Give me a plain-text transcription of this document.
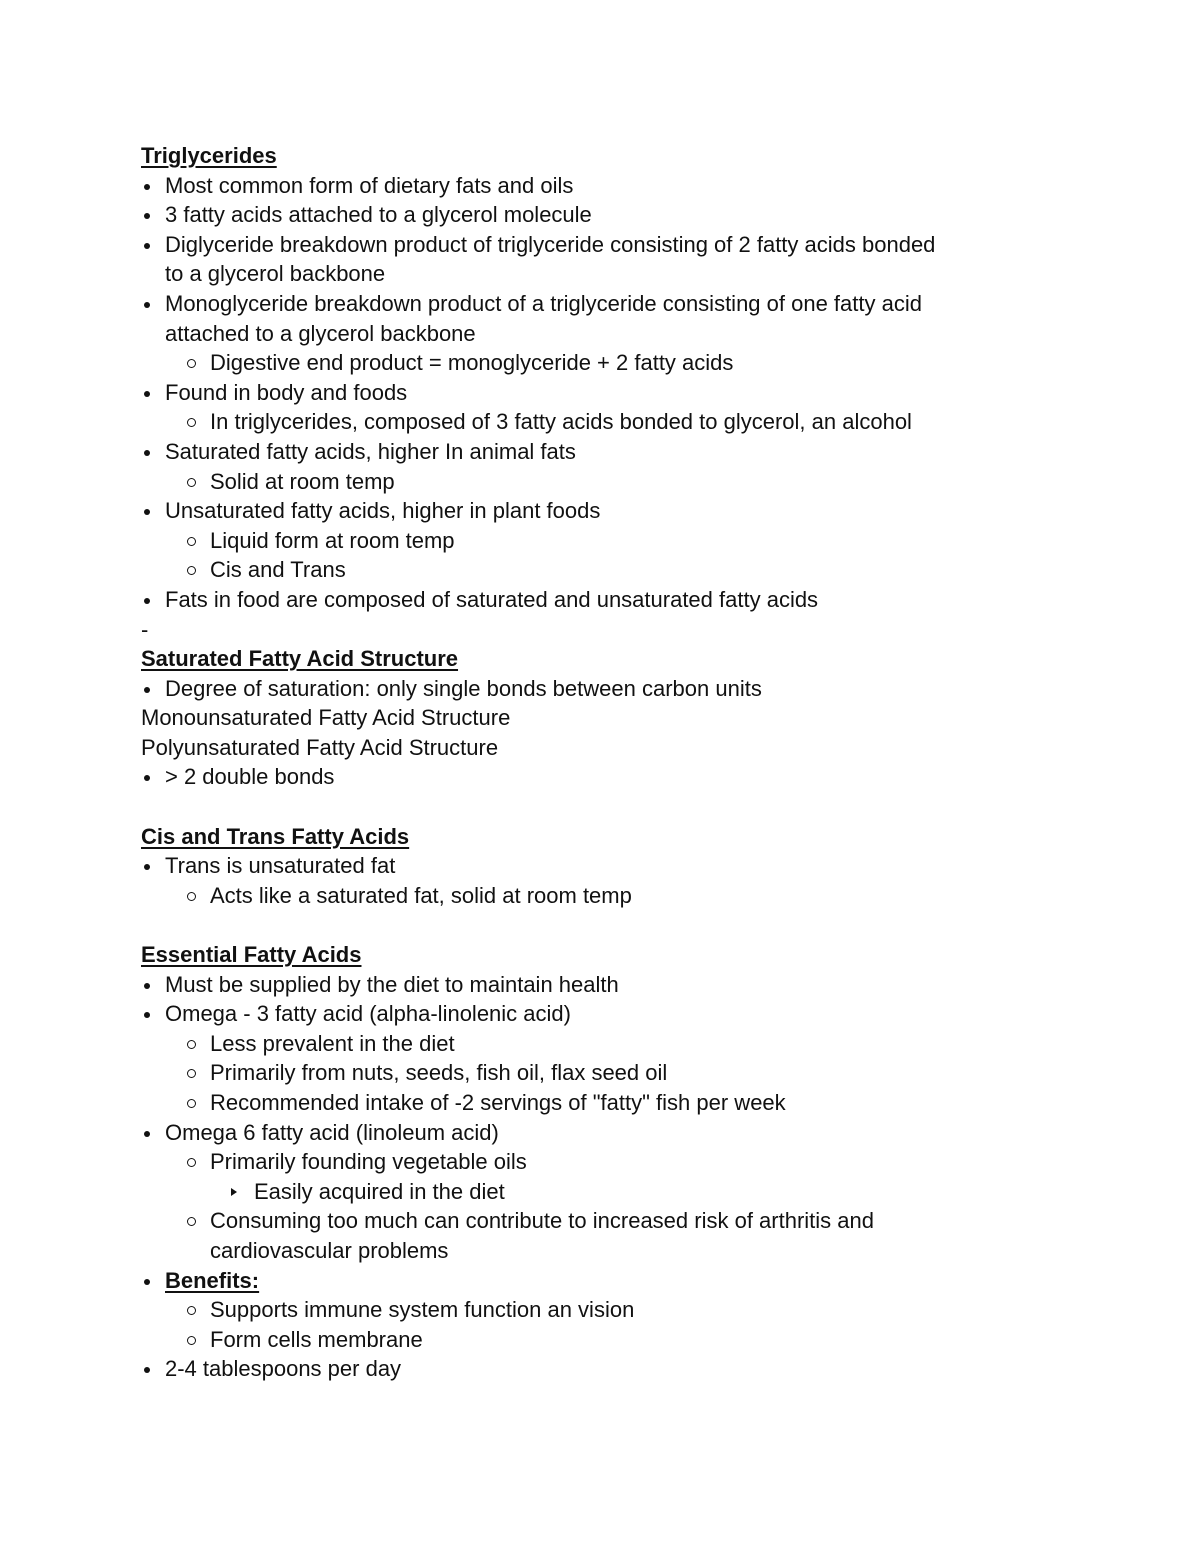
Triglycerides
Most common form of dietary fats and oils
3 fatty acids attached to a glycerol molecule
Diglyceride breakdown product of triglyceride consisting of 2 fatty acids bonded
to a glycerol backbone
Monoglyceride breakdown product of a triglyceride consisting of one fatty acid
attached to a glycerol backbone
Digestive end product = monoglyceride + 2 fatty acids
Found in body and foods
In triglycerides, composed of 3 fatty acids bonded to glycerol, an alcohol
Saturated fatty acids, higher In animal fats
Solid at room temp
Unsaturated fatty acids, higher in plant foods
Liquid form at room temp
Cis and Trans
Fats in food are composed of saturated and unsaturated fatty acids
-
Saturated Fatty Acid Structure
Degree of saturation: only single bonds between carbon units
Monounsaturated Fatty Acid Structure
Polyunsaturated Fatty Acid Structure
> 2 double bonds
Cis and Trans Fatty Acids
Trans is unsaturated fat
Acts like a saturated fat, solid at room temp
Essential Fatty Acids
Must be supplied by the diet to maintain health
Omega - 3 fatty acid (alpha-linolenic acid)
Less prevalent in the diet
Primarily from nuts, seeds, fish oil, flax seed oil
Recommended intake of -2 servings of "fatty" fish per week
Omega 6 fatty acid (linoleum acid)
Primarily founding vegetable oils
Easily acquired in the diet
Consuming too much can contribute to increased risk of arthritis and
cardiovascular problems
Benefits:
Supports immune system function an vision
Form cells membrane
2-4 tablespoons per day
